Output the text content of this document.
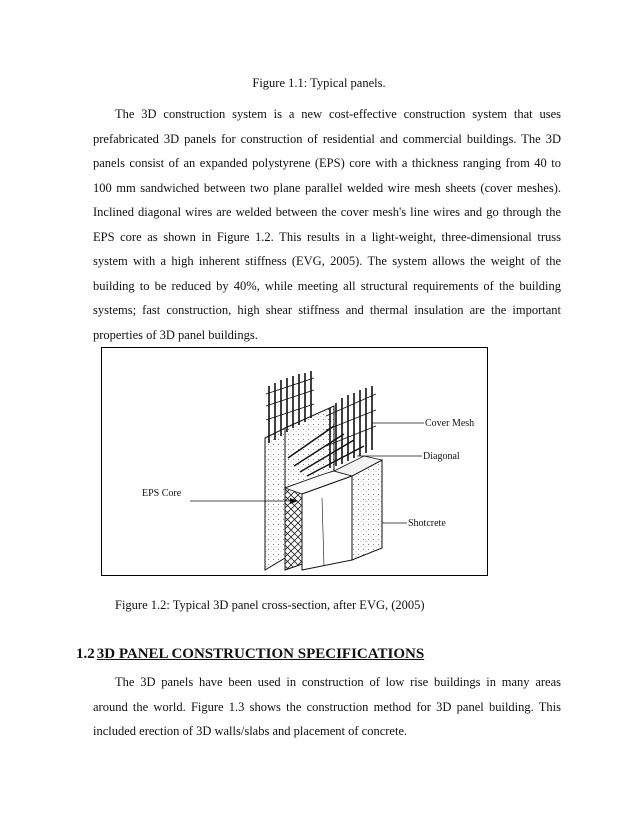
Figure 1.1: Typical panels.

The 3D construction system is a new cost-effective construction system that uses prefabricated 3D panels for construction of residential and commercial buildings. The 3D panels consist of an expanded polystyrene (EPS) core with a thickness ranging from 40 to 100 mm sandwiched between two plane parallel welded wire mesh sheets (cover meshes). Inclined diagonal wires are welded between the cover mesh's line wires and go through the EPS core as shown in Figure 1.2. This results in a light-weight, three-dimensional truss system with a high inherent stiffness (EVG, 2005). The system allows the weight of the building to be reduced by 40%, while meeting all structural requirements of the building systems; fast construction, high shear stiffness and thermal insulation are the important properties of 3D panel buildings.

Cover Mesh
Diagonal
EPS Core
Shotcrete
Figure 1.2: Typical 3D panel cross-section, after EVG, (2005)
1.2 3D PANEL CONSTRUCTION SPECIFICATIONS

The 3D panels have been used in construction of low rise buildings in many areas around the world. Figure 1.3 shows the construction method for 3D panel building. This included erection of 3D walls/slabs and placement of concrete.
